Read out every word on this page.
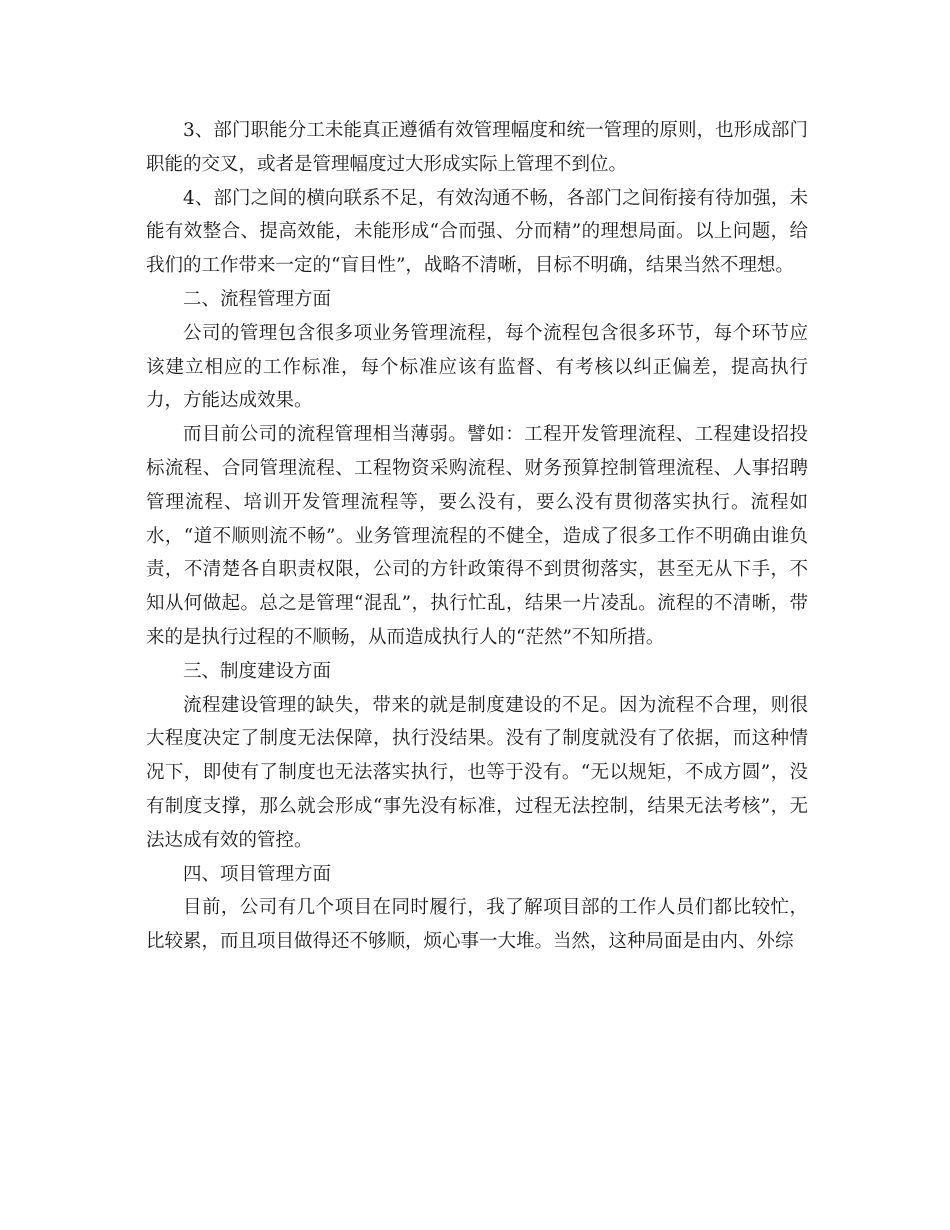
3、部门职能分工未能真正遵循有效管理幅度和统一管理的原则，也形成部门职能的交叉，或者是管理幅度过大形成实际上管理不到位。

4、部门之间的横向联系不足，有效沟通不畅，各部门之间衔接有待加强，未能有效整合、提高效能，未能形成“合而强、分而精”的理想局面。以上问题，给我们的工作带来一定的“盲目性”，战略不清晰，目标不明确，结果当然不理想。

二、流程管理方面

公司的管理包含很多项业务管理流程，每个流程包含很多环节，每个环节应该建立相应的工作标准，每个标准应该有监督、有考核以纠正偏差，提高执行力，方能达成效果。

而目前公司的流程管理相当薄弱。譬如：工程开发管理流程、工程建设招投标流程、合同管理流程、工程物资采购流程、财务预算控制管理流程、人事招聘管理流程、培训开发管理流程等，要么没有，要么没有贯彻落实执行。流程如水，“道不顺则流不畅”。业务管理流程的不健全，造成了很多工作不明确由谁负责，不清楚各自职责权限，公司的方针政策得不到贯彻落实，甚至无从下手，不知从何做起。总之是管理“混乱”，执行忙乱，结果一片凌乱。流程的不清晰，带来的是执行过程的不顺畅，从而造成执行人的“茫然”不知所措。

三、制度建设方面

流程建设管理的缺失，带来的就是制度建设的不足。因为流程不合理，则很大程度决定了制度无法保障，执行没结果。没有了制度就没有了依据，而这种情况下，即使有了制度也无法落实执行，也等于没有。“无以规矩，不成方圆”，没有制度支撑，那么就会形成“事先没有标准，过程无法控制，结果无法考核”，无法达成有效的管控。

四、项目管理方面

目前，公司有几个项目在同时履行，我了解项目部的工作人员们都比较忙，比较累，而且项目做得还不够顺，烦心事一大堆。当然，这种局面是由内、外综
